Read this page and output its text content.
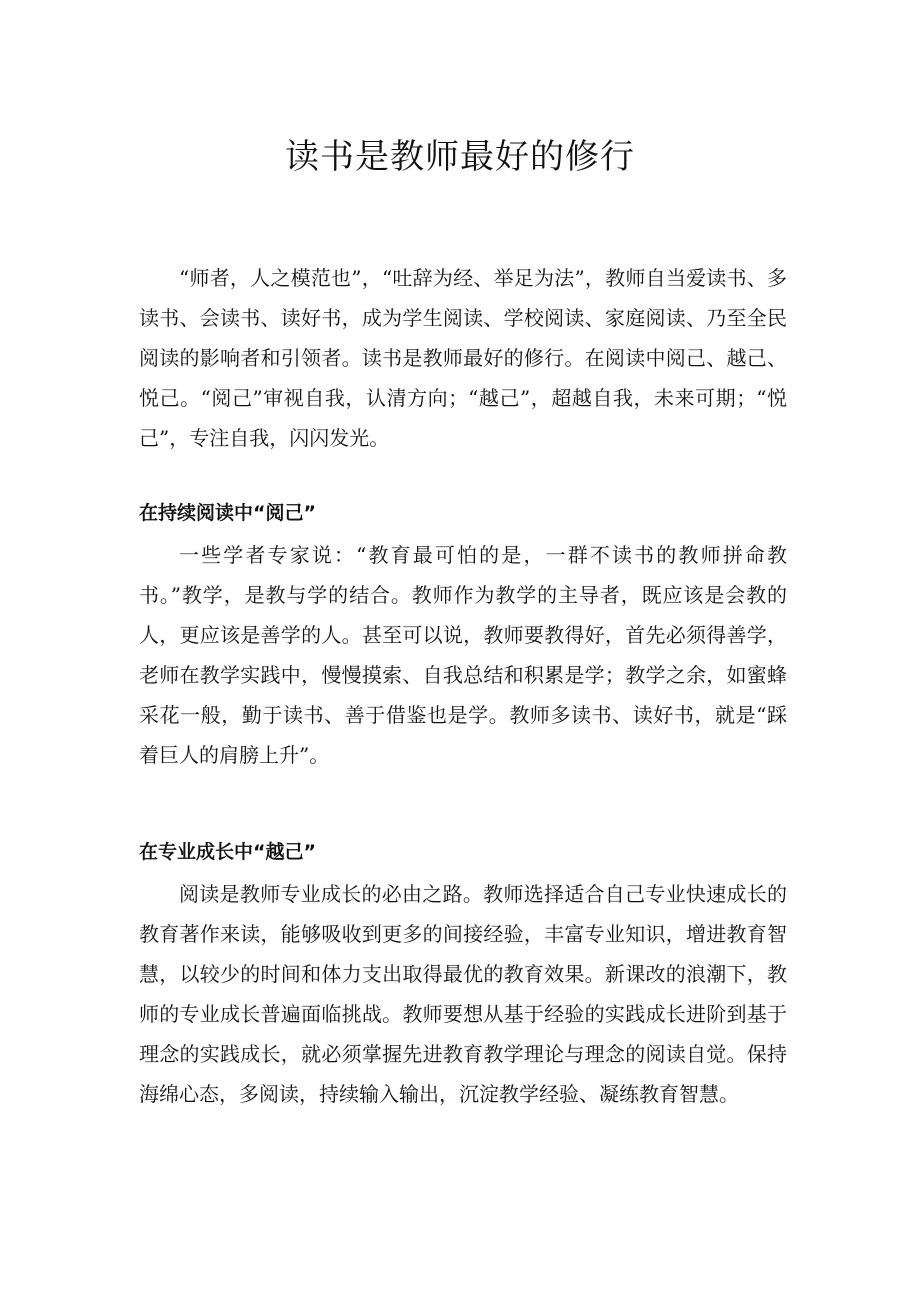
读书是教师最好的修行

“师者，人之模范也”，“吐辞为经、举足为法”，教师自当爱读书、多读书、会读书、读好书，成为学生阅读、学校阅读、家庭阅读、乃至全民阅读的影响者和引领者。读书是教师最好的修行。在阅读中阅己、越己、悦己。“阅己”审视自我，认清方向；“越己”，超越自我，未来可期；“悦己”，专注自我，闪闪发光。

在持续阅读中“阅己”

一些学者专家说：“教育最可怕的是，一群不读书的教师拼命教书。”教学，是教与学的结合。教师作为教学的主导者，既应该是会教的人，更应该是善学的人。甚至可以说，教师要教得好，首先必须得善学，老师在教学实践中，慢慢摸索、自我总结和积累是学；教学之余，如蜜蜂采花一般，勤于读书、善于借鉴也是学。教师多读书、读好书，就是“踩着巨人的肩膀上升”。

在专业成长中“越己”

阅读是教师专业成长的必由之路。教师选择适合自己专业快速成长的教育著作来读，能够吸收到更多的间接经验，丰富专业知识，增进教育智慧，以较少的时间和体力支出取得最优的教育效果。新课改的浪潮下，教师的专业成长普遍面临挑战。教师要想从基于经验的实践成长进阶到基于理念的实践成长，就必须掌握先进教育教学理论与理念的阅读自觉。保持海绵心态，多阅读，持续输入输出，沉淀教学经验、凝练教育智慧。
